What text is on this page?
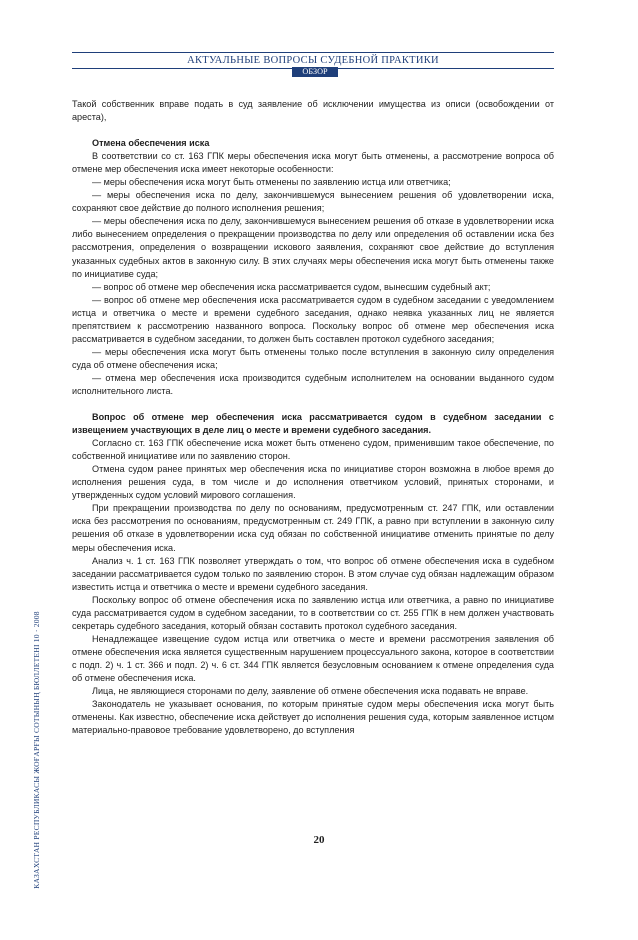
АКТУАЛЬНЫЕ ВОПРОСЫ СУДЕБНОЙ ПРАКТИКИ
ОБЗОР
КАЗАХСТАН РЕСПУБЛИКАСЫ ЖОҒАРҒЫ СОТЫНЫҢ БЮЛЛЕТЕНІ 10 · 2008

Такой собственник вправе подать в суд заявление об исключении имущества из описи (освобождении от ареста),

Отмена обеспечения иска

В соответствии со ст. 163 ГПК меры обеспечения иска могут быть отменены, а рассмотрение вопроса об отмене мер обеспечения иска имеет некоторые особенности:

— меры обеспечения иска могут быть отменены по заявлению истца или ответчика;

— меры обеспечения иска по делу, закончившемуся вынесением решения об удовлетворении иска, сохраняют свое действие до полного исполнения решения;

— меры обеспечения иска по делу, закончившемуся вынесением решения об отказе в удовлетворении иска либо вынесением определения о прекращении производства по делу или определения об оставлении иска без рассмотрения, определения о возвращении искового заявления, сохраняют свое действие до вступления указанных судебных актов в законную силу. В этих случаях меры обеспечения иска могут быть отменены также по инициативе суда;

— вопрос об отмене мер обеспечения иска рассматривается судом, вынесшим судебный акт;

— вопрос об отмене мер обеспечения иска рассматривается судом в судебном заседании с уведомлением истца и ответчика о месте и времени судебного заседания, однако неявка указанных лиц не является препятствием к рассмотрению названного вопроса. Поскольку вопрос об отмене мер обеспечения иска рассматривается в судебном заседании, то должен быть составлен протокол судебного заседания;

— меры обеспечения иска могут быть отменены только после вступления в законную силу определения суда об отмене обеспечения иска;

— отмена мер обеспечения иска производится судебным исполнителем на основании выданного судом исполнительного листа.

Вопрос об отмене мер обеспечения иска рассматривается судом в судебном заседании с извещением участвующих в деле лиц о месте и времени судебного заседания.

Согласно ст. 163 ГПК обеспечение иска может быть отменено судом, применившим такое обеспечение, по собственной инициативе или по заявлению сторон.

Отмена судом ранее принятых мер обеспечения иска по инициативе сторон возможна в любое время до исполнения решения суда, в том числе и до исполнения ответчиком условий, принятых сторонами, и утвержденных судом условий мирового соглашения.

При прекращении производства по делу по основаниям, предусмотренным ст. 247 ГПК, или оставлении иска без рассмотрения по основаниям, предусмотренным ст. 249 ГПК, а равно при вступлении в законную силу решения об отказе в удовлетворении иска суд обязан по собственной инициативе отменить принятые по делу меры обеспечения иска.

Анализ ч. 1 ст. 163 ГПК позволяет утверждать о том, что вопрос об отмене обеспечения иска в судебном заседании рассматривается судом только по заявлению сторон. В этом случае суд обязан надлежащим образом известить истца и ответчика о месте и времени судебного заседания.

Поскольку вопрос об отмене обеспечения иска по заявлению истца или ответчика, а равно по инициативе суда рассматривается судом в судебном заседании, то в соответствии со ст. 255 ГПК в нем должен участвовать секретарь судебного заседания, который обязан составить протокол судебного заседания.

Ненадлежащее извещение судом истца или ответчика о месте и времени рассмотрения заявления об отмене обеспечения иска является существенным нарушением процессуального закона, которое в соответствии с подп. 2) ч. 1 ст. 366 и подп. 2) ч. 6 ст. 344 ГПК является безусловным основанием к отмене определения суда об отмене обеспечения иска.

Лица, не являющиеся сторонами по делу, заявление об отмене обеспечения иска подавать не вправе.

Законодатель не указывает основания, по которым принятые судом меры обеспечения иска могут быть отменены. Как известно, обеспечение иска действует до исполнения решения суда, которым заявленное истцом материально-правовое требование удовлетворено, до вступления

20
